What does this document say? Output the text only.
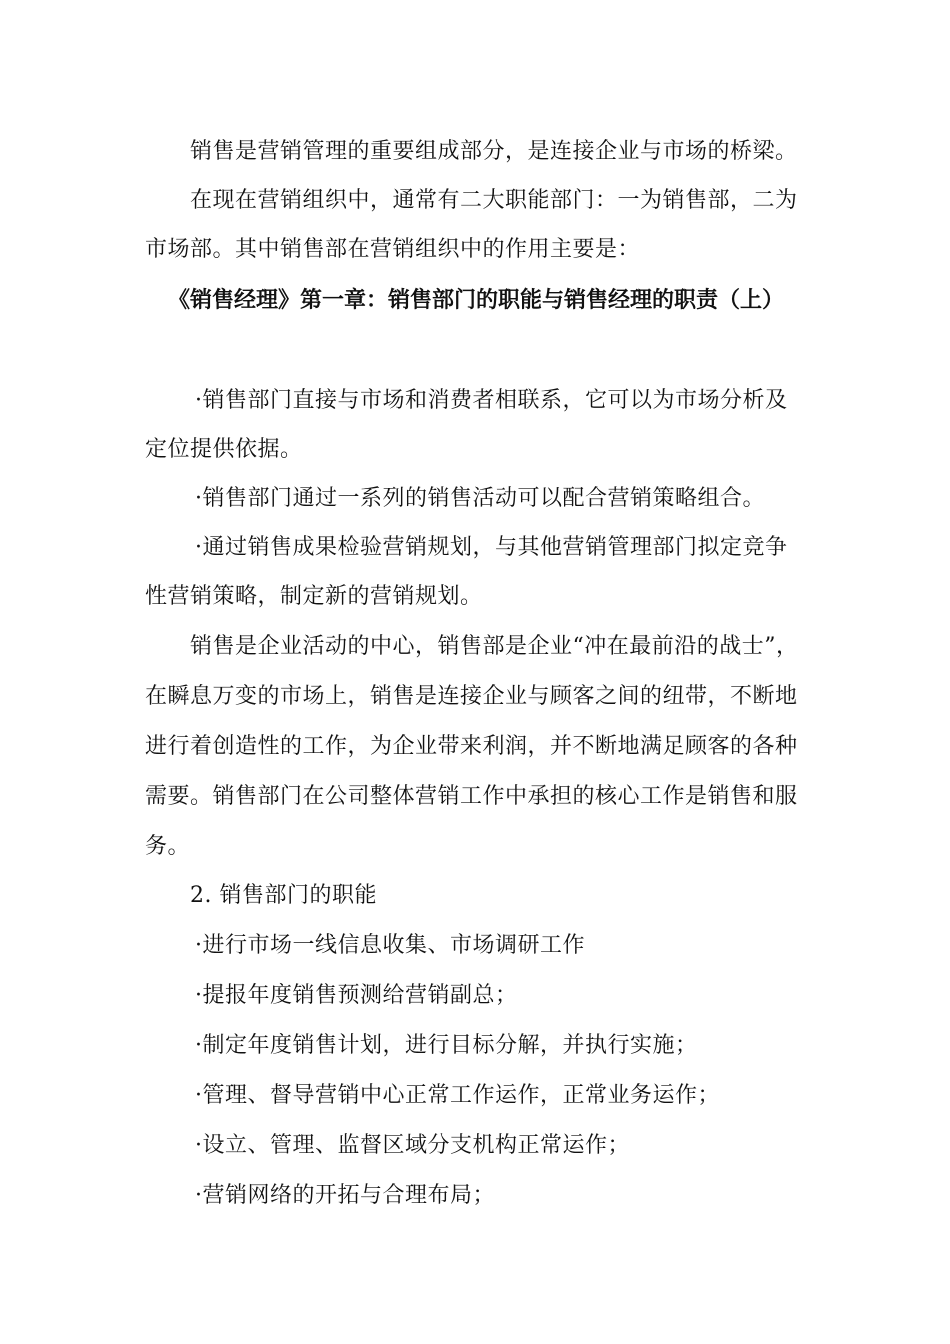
销售是营销管理的重要组成部分，是连接企业与市场的桥梁。
在现在营销组织中，通常有二大职能部门：一为销售部，二为
市场部。其中销售部在营销组织中的作用主要是：
《销售经理》第一章：销售部门的职能与销售经理的职责（上）
·销售部门直接与市场和消费者相联系，它可以为市场分析及
定位提供依据。
·销售部门通过一系列的销售活动可以配合营销策略组合。
·通过销售成果检验营销规划，与其他营销管理部门拟定竞争
性营销策略，制定新的营销规划。
销售是企业活动的中心，销售部是企业“冲在最前沿的战士”，
在瞬息万变的市场上，销售是连接企业与顾客之间的纽带，不断地
进行着创造性的工作，为企业带来利润，并不断地满足顾客的各种
需要。销售部门在公司整体营销工作中承担的核心工作是销售和服
务。
2. 销售部门的职能
·进行市场一线信息收集、市场调研工作
·提报年度销售预测给营销副总；
·制定年度销售计划，进行目标分解，并执行实施；
·管理、督导营销中心正常工作运作，正常业务运作；
·设立、管理、监督区域分支机构正常运作；
·营销网络的开拓与合理布局；
